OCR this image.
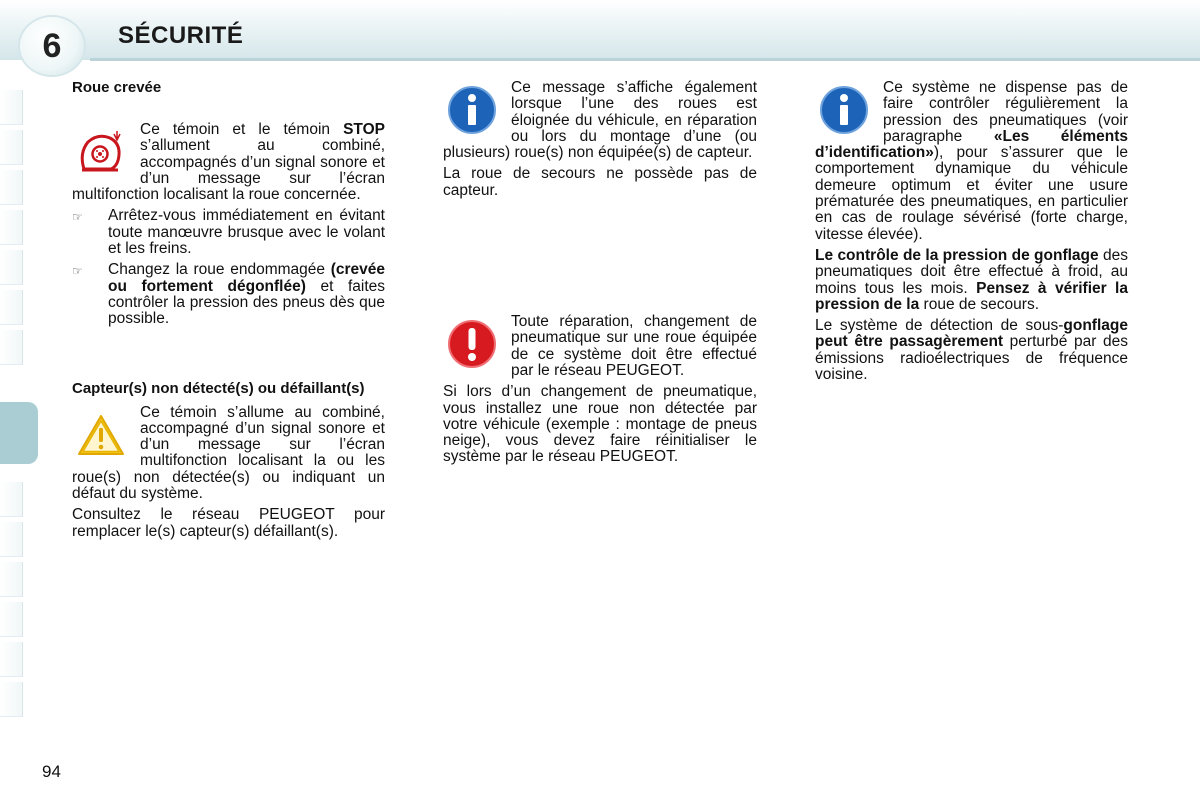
6 SÉCURITÉ
Roue crevée

Ce témoin et le témoin STOP s’allument au combiné, accompagnés d’un signal sonore et d’un message sur l’écran multifonction localisant la roue concernée.

☞	Arrêtez-vous immédiatement en évitant toute manœuvre brusque avec le volant et les freins.
☞	Changez la roue endommagée (crevée ou fortement dégonflée) et faites contrôler la pression des pneus dès que possible.
Capteur(s) non détecté(s) ou défaillant(s)

Ce témoin s’allume au combiné, accompagné d’un signal sonore et d’un message sur l’écran multifonction localisant la ou les roue(s) non détectée(s) ou indiquant un défaut du système.

Consultez le réseau PEUGEOT pour remplacer le(s) capteur(s) défaillant(s).

Ce message s’affiche également lorsque l’une des roues est éloignée du véhicule, en réparation ou lors du montage d’une (ou plusieurs) roue(s) non équipée(s) de capteur.

La roue de secours ne possède pas de capteur.

Toute réparation, changement de pneumatique sur une roue équipée de ce système doit être effectué par le réseau PEUGEOT.

Si lors d’un changement de pneumatique, vous installez une roue non détectée par votre véhicule (exemple : montage de pneus neige), vous devez faire réinitialiser le système par le réseau PEUGEOT.

Ce système ne dispense pas de faire contrôler régulièrement la pression des pneumatiques (voir paragraphe «Les éléments d’identification»), pour s’assurer que le comportement dynamique du véhicule demeure optimum et éviter une usure prématurée des pneumatiques, en particulier en cas de roulage sévérisé (forte charge, vitesse élevée).

Le contrôle de la pression de gonflage des pneumatiques doit être effectué à froid, au moins tous les mois. Pensez à vérifier la pression de la roue de secours.

Le système de détection de sous-gonflage peut être passagèrement perturbé par des émissions radioélectriques de fréquence voisine.

94
